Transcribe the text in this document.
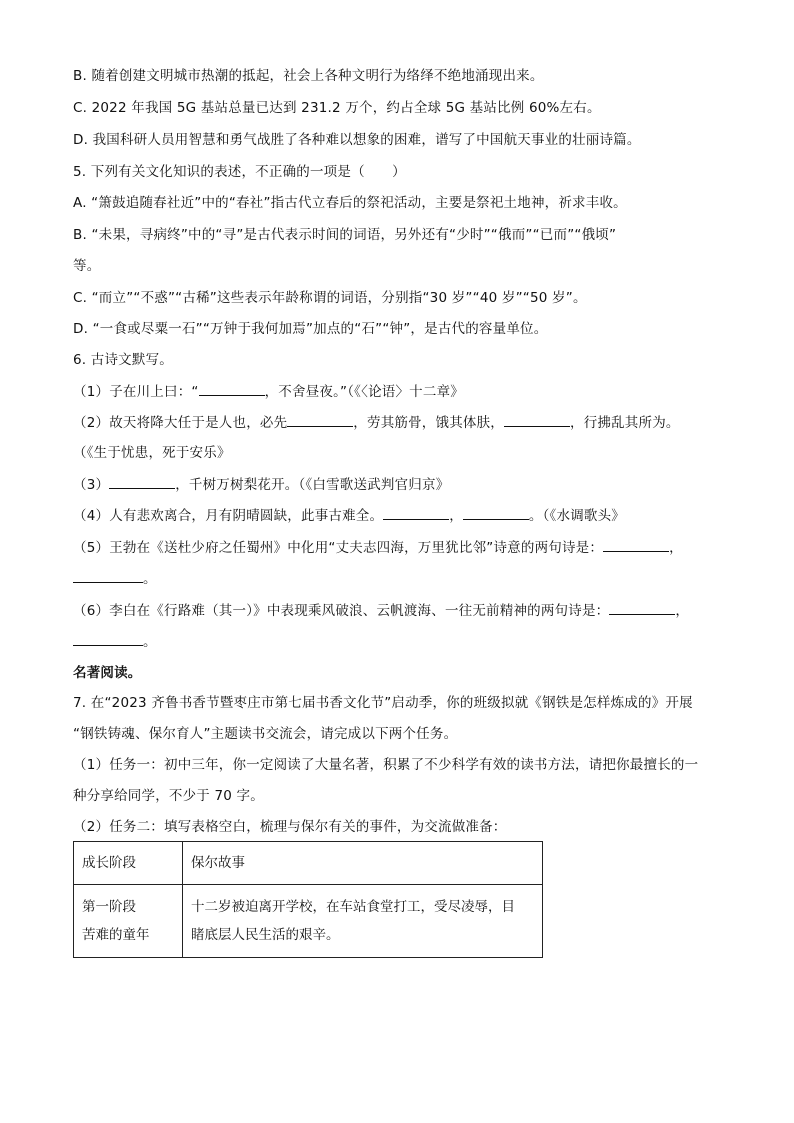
B. 随着创建文明城市热潮的抵起，社会上各种文明行为络绎不绝地涌现出来。
C. 2022 年我国 5G 基站总量已达到 231.2 万个，约占全球 5G 基站比例 60%左右。
D. 我国科研人员用智慧和勇气战胜了各种难以想象的困难，谱写了中国航天事业的壮丽诗篇。
5. 下列有关文化知识的表述，不正确的一项是（　　）
A. “箫鼓追随春社近”中的“春社”指古代立春后的祭祀活动，主要是祭祀土地神，祈求丰收。
B. “未果，寻病终”中的“寻”是古代表示时间的词语，另外还有“少时”“俄而”“已而”“俄顷”
等。
C. “而立”“不惑”“古稀”这些表示年龄称谓的词语，分别指“30 岁”“40 岁”“50 岁”。
D. “一食或尽粟一石”“万钟于我何加焉”加点的“石”“钟”，是古代的容量单位。
6. 古诗文默写。
（1）子在川上曰：“	，不舍昼夜。”（《〈论语〉十二章》
（2）故天将降大任于是人也，必先	，劳其筋骨，饿其体肤，	，行拂乱其所为。
（《生于忧患，死于安乐》
（3）	，千树万树梨花开。（《白雪歌送武判官归京》
（4）人有悲欢离合，月有阴晴圆缺，此事古难全。	，	。（《水调歌头》
（5）王勃在《送杜少府之任蜀州》中化用“丈夫志四海，万里犹比邻”诗意的两句诗是：	，
。
（6）李白在《行路难（其一）》中表现乘风破浪、云帆渡海、一往无前精神的两句诗是：	，
。
名著阅读。
7. 在“2023 齐鲁书香节暨枣庄市第七届书香文化节”启动季，你的班级拟就《钢铁是怎样炼成的》开展
“钢铁铸魂、保尔育人”主题读书交流会，请完成以下两个任务。
（1）任务一：初中三年，你一定阅读了大量名著，积累了不少科学有效的读书方法，请把你最擅长的一
种分享给同学，不少于 70 字。
（2）任务二：填写表格空白，梳理与保尔有关的事件，为交流做准备：
成长阶段	保尔故事

第一阶段
苦难的童年	十二岁被迫离开学校，在车站食堂打工，受尽凌辱，目
睹底层人民生活的艰辛。
